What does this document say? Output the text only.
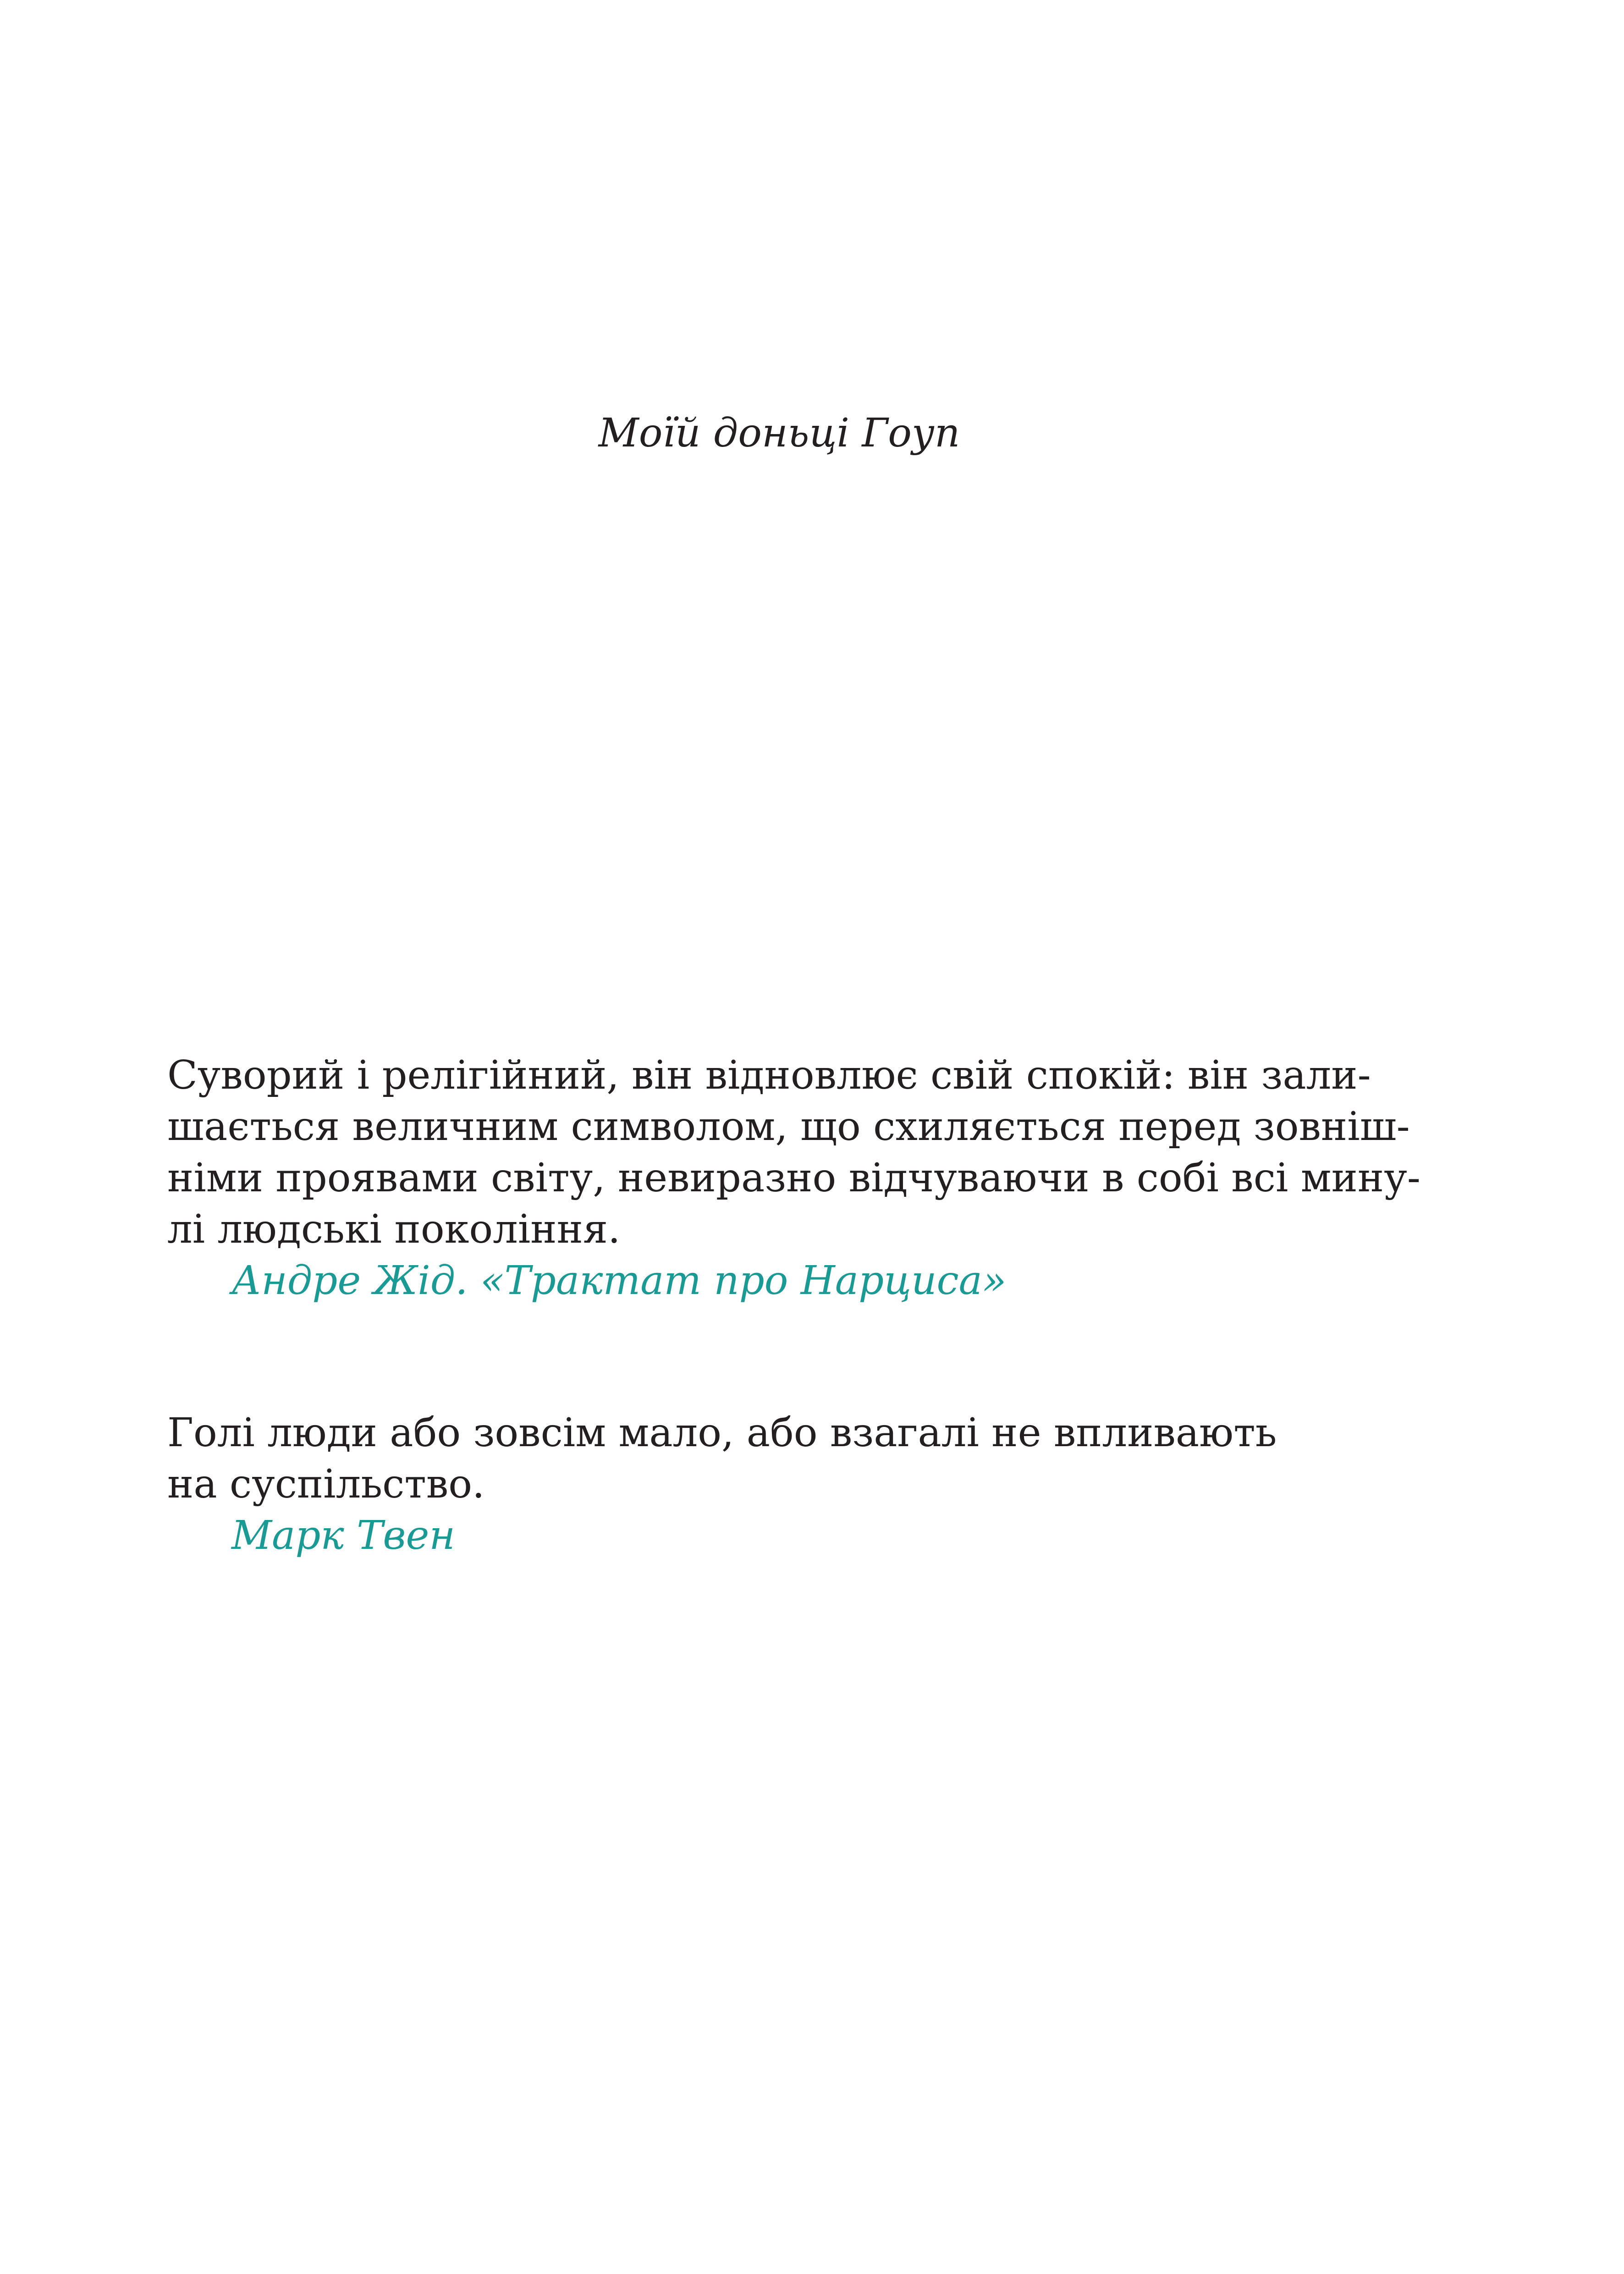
Моїй доньці Гоуп
Суворий і релігійний, він відновлює свій спокій: він зали-
шається величним символом, що схиляється перед зовніш-
німи проявами світу, невиразно відчуваючи в собі всі мину-
лі людські покоління.
Андре Жід. «Трактат про Нарциса»
Голі люди або зовсім мало, або взагалі не впливають
на суспільство.
Марк Твен
